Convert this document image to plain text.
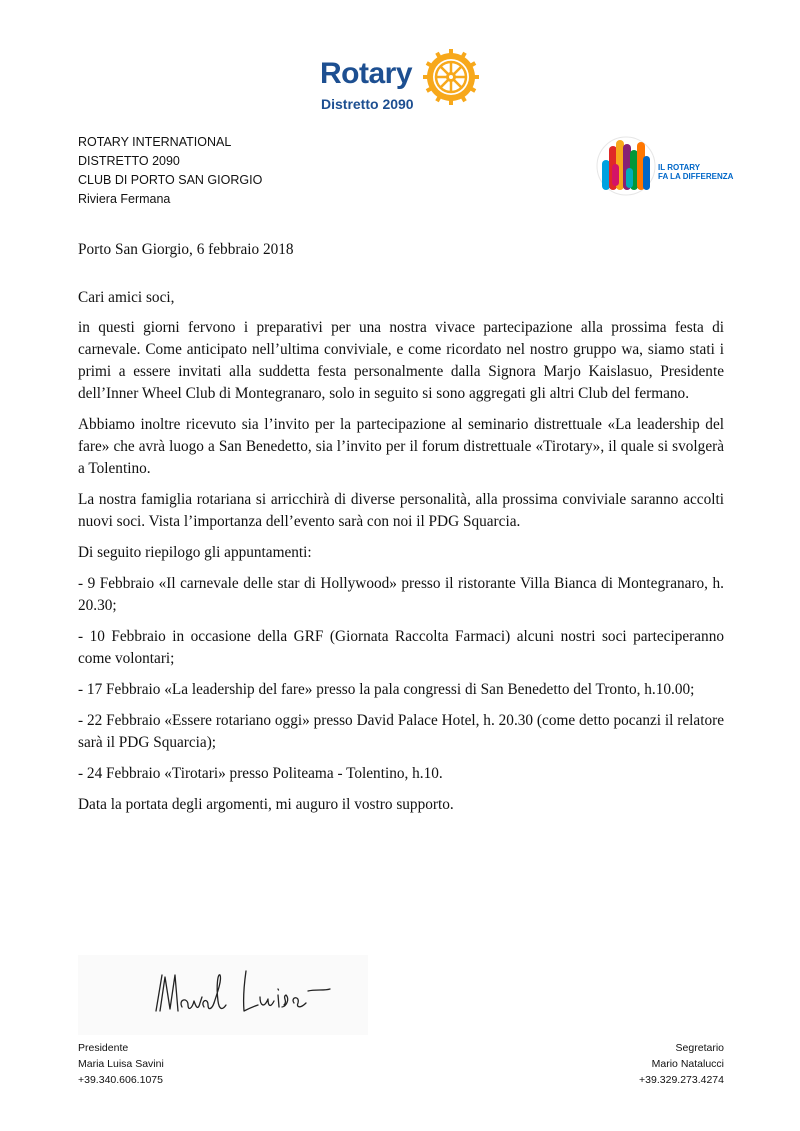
Rotary
Distretto 2090
ROTARY INTERNATIONAL
DISTRETTO 2090
CLUB DI PORTO SAN GIORGIO
Riviera Fermana
IL ROTARY
FA LA DIFFERENZA

Porto San Giorgio, 6 febbraio 2018

Cari amici soci,

in questi giorni fervono i preparativi per una nostra vivace partecipazione alla prossima festa di carnevale. Come anticipato nell’ultima conviviale, e come ricordato nel nostro gruppo wa, siamo stati i primi a essere invitati alla suddetta festa personalmente dalla Signora Marjo Kaislasuo, Presidente dell’Inner Wheel Club di Montegranaro, solo in seguito si sono aggregati gli altri Club del fermano.

Abbiamo inoltre ricevuto sia l’invito per la partecipazione al seminario distrettuale «La leadership del fare» che avrà luogo a San Benedetto, sia l’invito per il forum distrettuale «Tirotary», il quale si svolgerà a Tolentino.

La nostra famiglia rotariana si arricchirà di diverse personalità, alla prossima conviviale saranno accolti nuovi soci. Vista l’importanza dell’evento sarà con noi il PDG Squarcia.

Di seguito riepilogo gli appuntamenti:

- 9 Febbraio «Il carnevale delle star di Hollywood» presso il ristorante Villa Bianca di Montegranaro, h. 20.30;

- 10 Febbraio in occasione della GRF (Giornata Raccolta Farmaci) alcuni nostri soci parteciperanno come volontari;

- 17 Febbraio «La leadership del fare» presso la pala congressi di San Benedetto del Tronto, h.10.00;

- 22 Febbraio «Essere rotariano oggi» presso David Palace Hotel, h. 20.30 (come detto pocanzi il relatore sarà il PDG Squarcia);

- 24 Febbraio «Tirotari» presso Politeama - Tolentino, h.10.

Data la portata degli argomenti, mi auguro il vostro supporto.

Presidente
Maria Luisa Savini
+39.340.606.1075
Segretario
Mario Natalucci
+39.329.273.4274
